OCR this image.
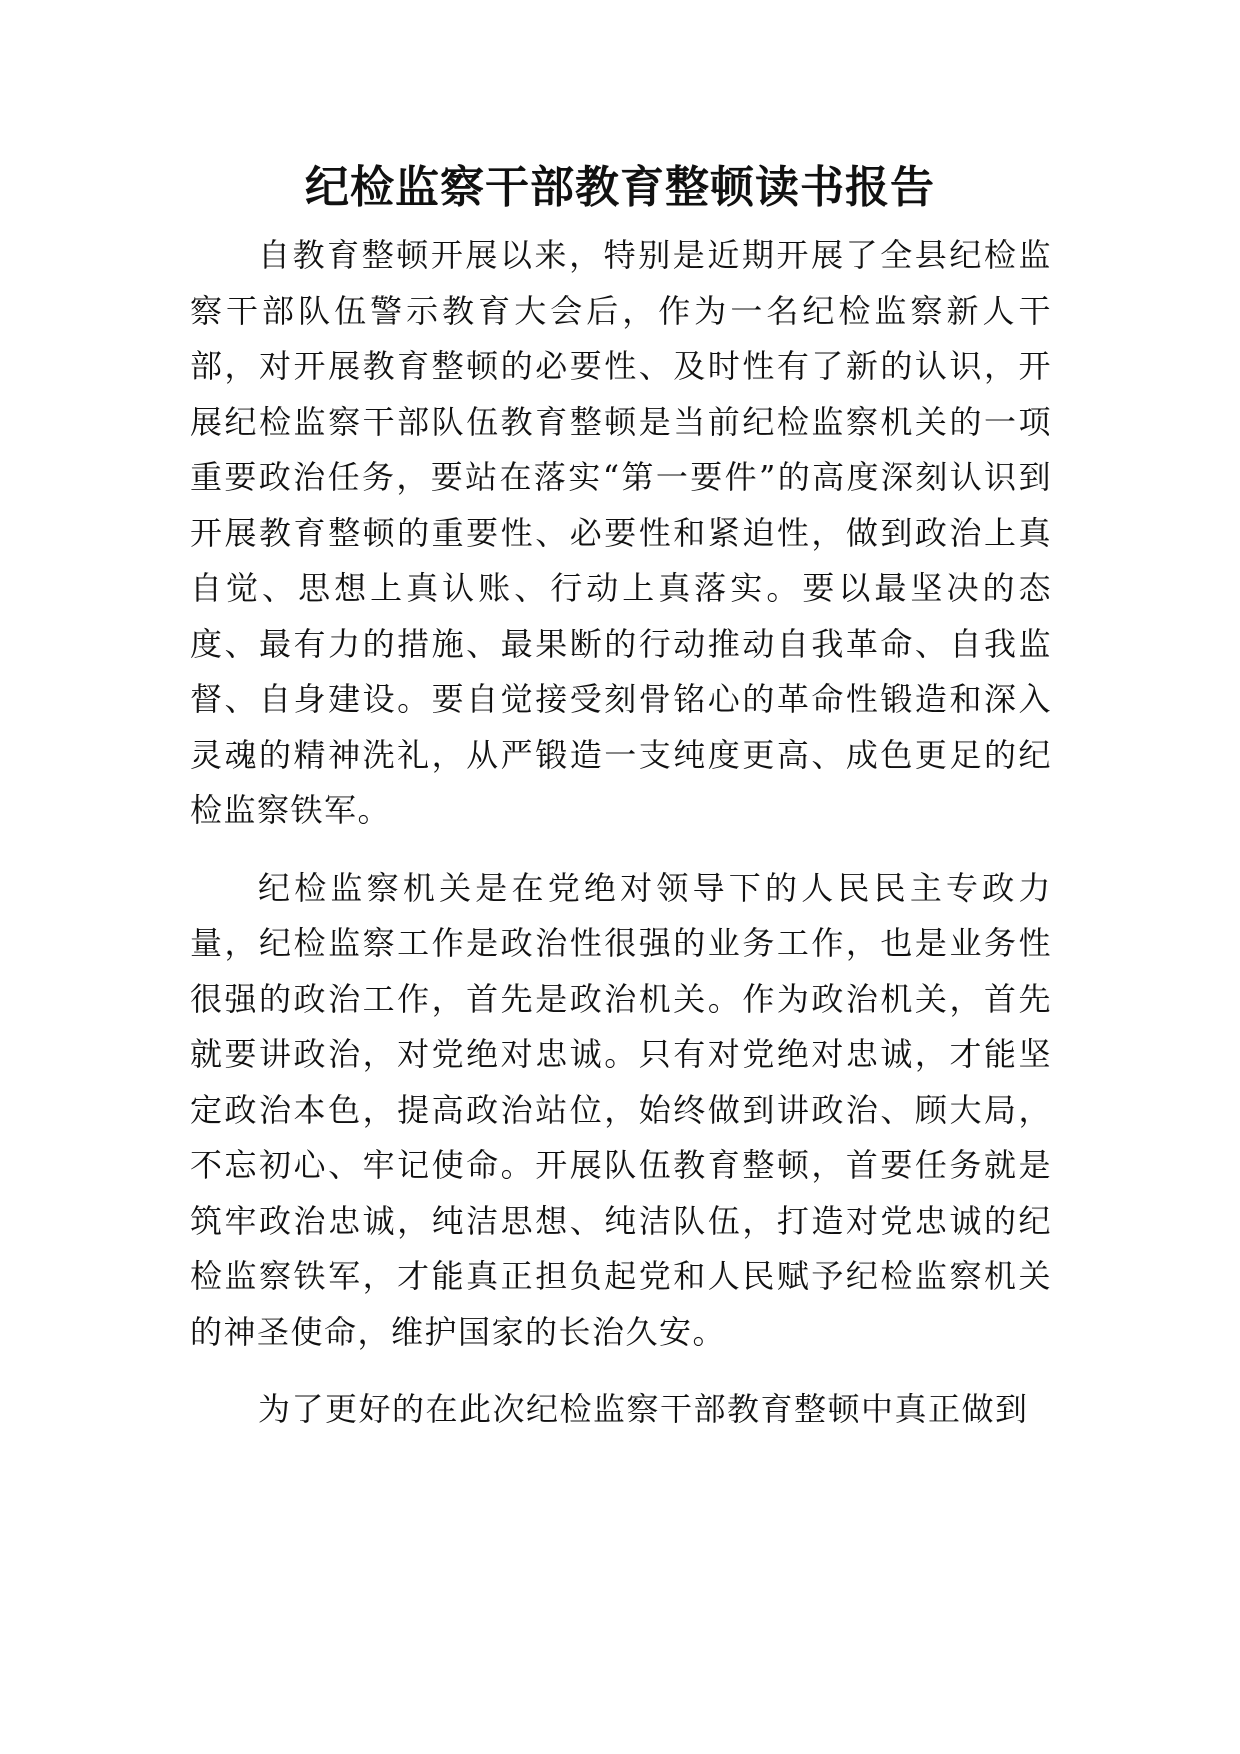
纪检监察干部教育整顿读书报告

自教育整顿开展以来，特别是近期开展了全县纪检监察干部队伍警示教育大会后，作为一名纪检监察新人干部，对开展教育整顿的必要性、及时性有了新的认识，开展纪检监察干部队伍教育整顿是当前纪检监察机关的一项重要政治任务，要站在落实“第一要件”的高度深刻认识到开展教育整顿的重要性、必要性和紧迫性，做到政治上真自觉、思想上真认账、行动上真落实。要以最坚决的态度、最有力的措施、最果断的行动推动自我革命、自我监督、自身建设。要自觉接受刻骨铭心的革命性锻造和深入灵魂的精神洗礼，从严锻造一支纯度更高、成色更足的纪检监察铁军。

纪检监察机关是在党绝对领导下的人民民主专政力量，纪检监察工作是政治性很强的业务工作，也是业务性很强的政治工作，首先是政治机关。作为政治机关，首先就要讲政治，对党绝对忠诚。只有对党绝对忠诚，才能坚定政治本色，提高政治站位，始终做到讲政治、顾大局，不忘初心、牢记使命。开展队伍教育整顿，首要任务就是筑牢政治忠诚，纯洁思想、纯洁队伍，打造对党忠诚的纪检监察铁军，才能真正担负起党和人民赋予纪检监察机关的神圣使命，维护国家的长治久安。

为了更好的在此次纪检监察干部教育整顿中真正做到
